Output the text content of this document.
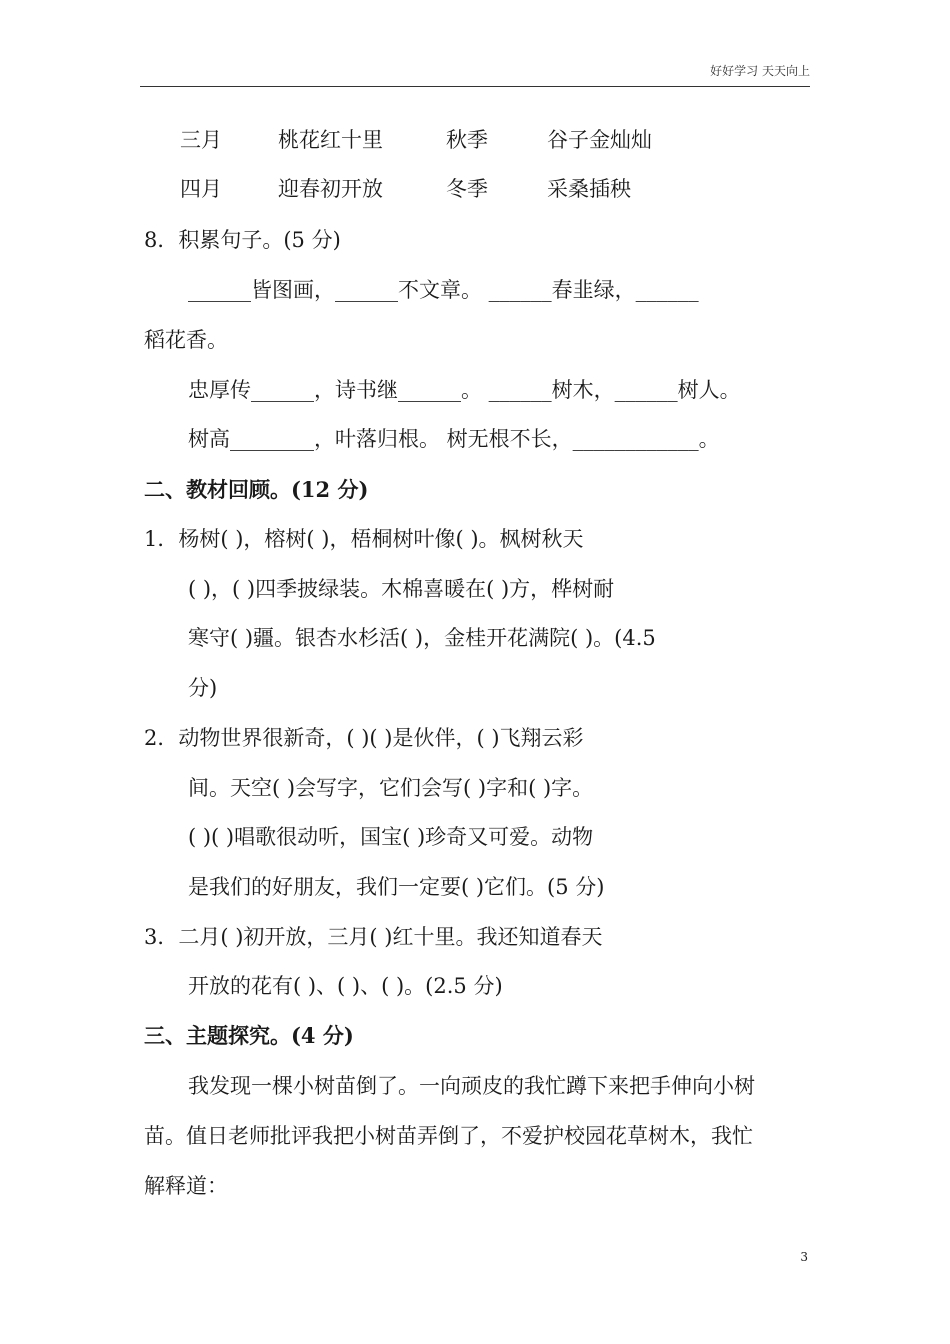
好好学习 天天向上
三月	桃花红十里	秋季	谷子金灿灿
四月	迎春初开放	冬季	采桑插秧
8．积累句子。(5 分)
______皆图画，______不文章。 ______春韭绿，______
稻花香。
忠厚传______，诗书继______。 ______树木，______树人。
树高________，叶落归根。 树无根不长，____________。
二、教材回顾。(12 分)
1．杨树( )，榕树( )，梧桐树叶像( )。枫树秋天
( )，( )四季披绿装。木棉喜暖在( )方，桦树耐
寒守( )疆。银杏水杉活( )，金桂开花满院( )。(4.5
分)
2．动物世界很新奇，( )( )是伙伴，( )飞翔云彩
间。天空( )会写字，它们会写( )字和( )字。
( )( )唱歌很动听，国宝( )珍奇又可爱。动物
是我们的好朋友，我们一定要( )它们。(5 分)
3．二月( )初开放，三月( )红十里。我还知道春天
开放的花有( )、( )、( )。(2.5 分)
三、主题探究。(4 分)
我发现一棵小树苗倒了。一向顽皮的我忙蹲下来把手伸向小树
苗。值日老师批评我把小树苗弄倒了，不爱护校园花草树木，我忙
解释道：
3
